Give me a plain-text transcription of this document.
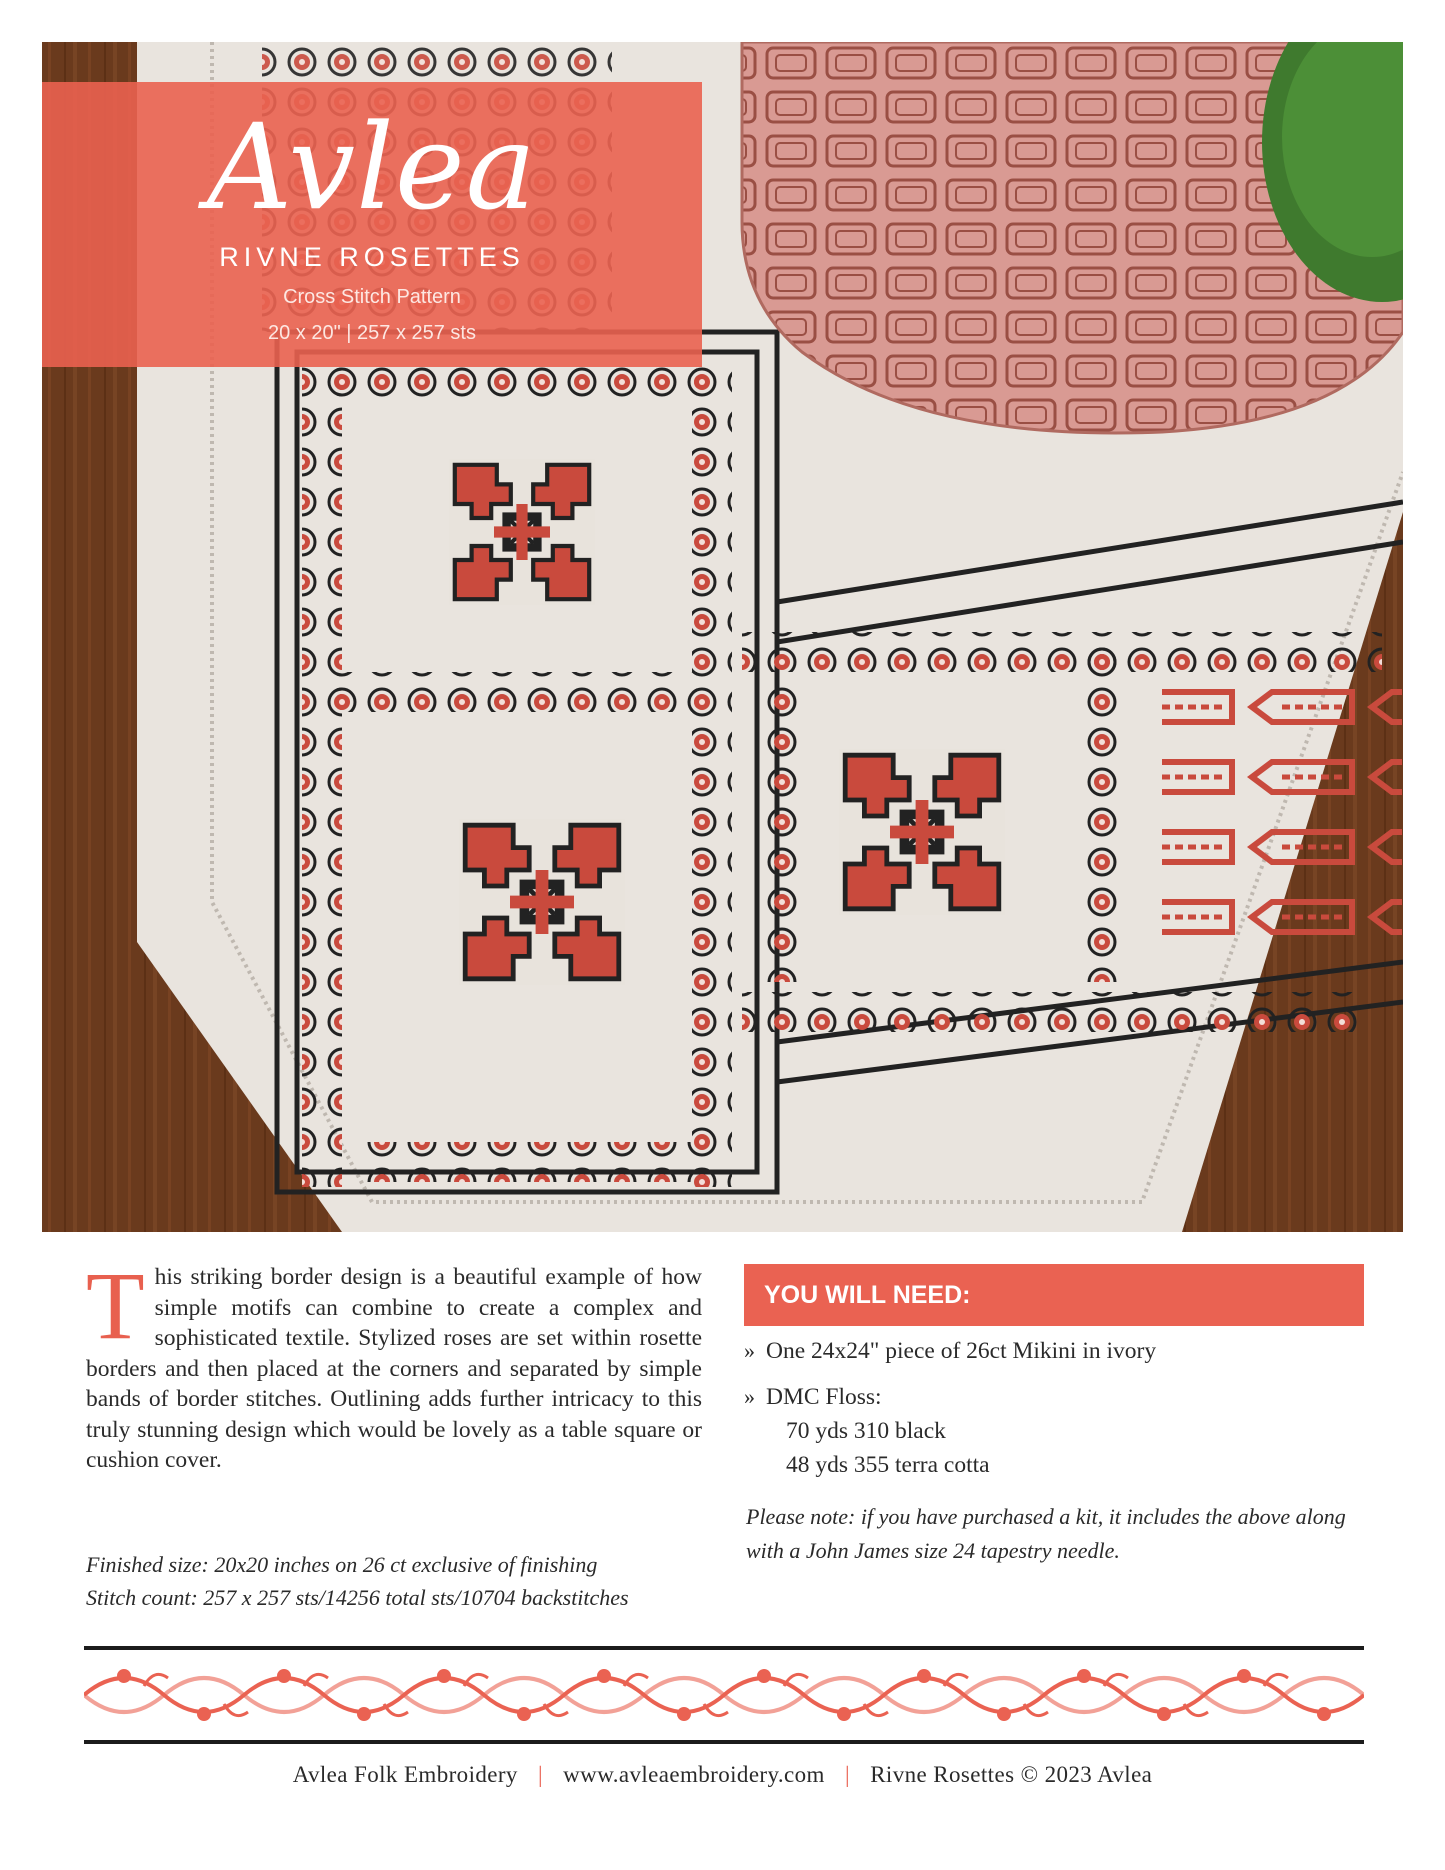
Avlea
RIVNE ROSETTES
Cross Stitch Pattern
20 x 20" | 257 x 257 sts
T his striking border design is a beautiful example of how simple motifs can combine to create a complex and sophisticated textile. Stylized roses are set within rosette borders and then placed at the corners and separated by simple bands of border stitches. Outlining adds further intricacy to this truly stunning design which would be lovely as a table square or cushion cover.
Finished size: 20x20 inches on 26 ct exclusive of finishing
Stitch count: 257 x 257 sts/14256 total sts/10704 backstitches
YOU WILL NEED:
» One 24x24" piece of 26ct Mikini in ivory
» DMC Floss:
70 yds 310 black
48 yds 355 terra cotta
Please note: if you have purchased a kit, it includes the above along with a John James size 24 tapestry needle.
Avlea Folk Embroidery | www.avleaembroidery.com | Rivne Rosettes © 2023 Avlea
